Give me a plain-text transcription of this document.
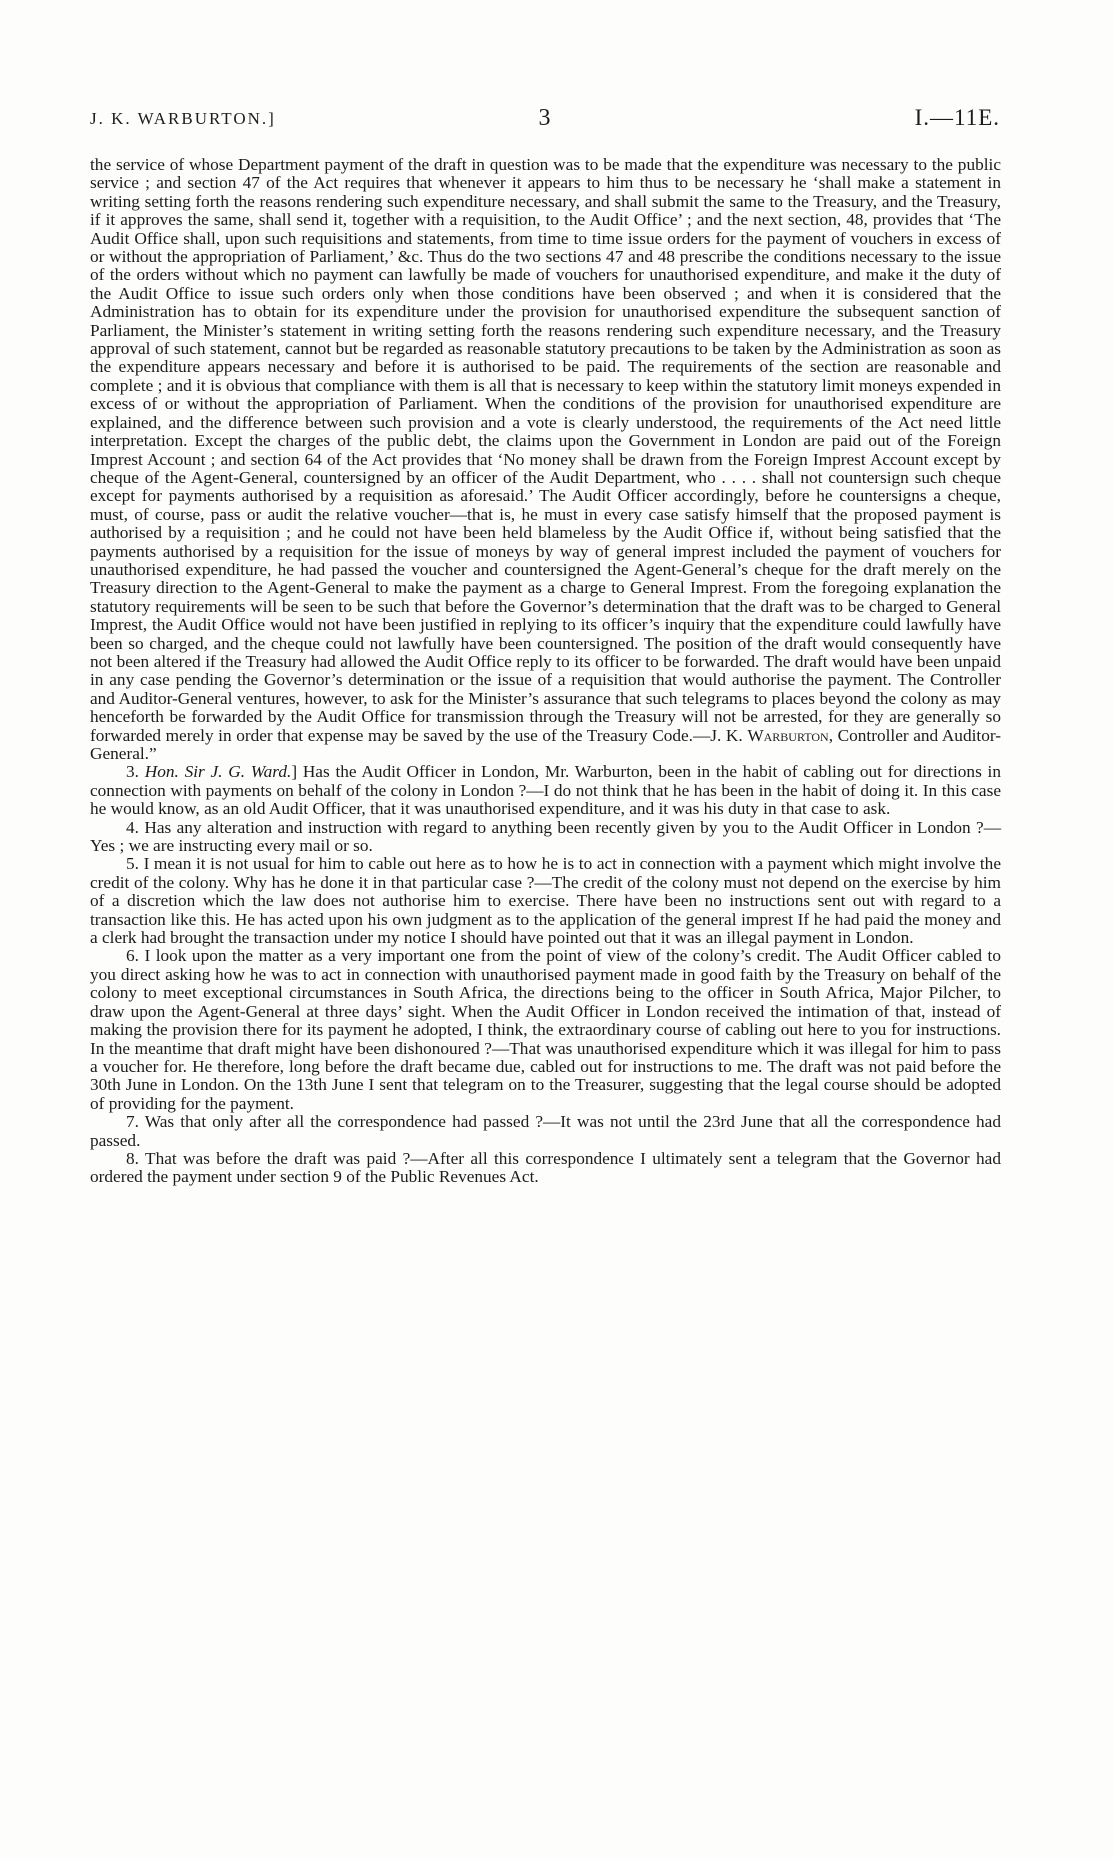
J. K. WARBURTON.]	3	I.—11E.

the service of whose Department payment of the draft in question was to be made that the expenditure was necessary to the public service ; and section 47 of the Act requires that whenever it appears to him thus to be necessary he ‘shall make a statement in writing setting forth the reasons rendering such expenditure necessary, and shall submit the same to the Treasury, and the Treasury, if it approves the same, shall send it, together with a requisition, to the Audit Office’ ; and the next section, 48, provides that ‘The Audit Office shall, upon such requisitions and statements, from time to time issue orders for the payment of vouchers in excess of or without the appropriation of Parliament,’ &c. Thus do the two sections 47 and 48 prescribe the conditions necessary to the issue of the orders without which no payment can lawfully be made of vouchers for unauthorised expenditure, and make it the duty of the Audit Office to issue such orders only when those conditions have been observed ; and when it is considered that the Administration has to obtain for its expenditure under the provision for unauthorised expenditure the subsequent sanction of Parliament, the Minister’s statement in writing setting forth the reasons rendering such expenditure necessary, and the Treasury approval of such statement, cannot but be regarded as reasonable statutory precautions to be taken by the Administration as soon as the expenditure appears necessary and before it is authorised to be paid. The requirements of the section are reasonable and complete ; and it is obvious that compliance with them is all that is necessary to keep within the statutory limit moneys expended in excess of or without the appropriation of Parliament. When the conditions of the provision for unauthorised expenditure are explained, and the difference between such provision and a vote is clearly understood, the requirements of the Act need little interpretation. Except the charges of the public debt, the claims upon the Government in London are paid out of the Foreign Imprest Account ; and section 64 of the Act provides that ‘No money shall be drawn from the Foreign Imprest Account except by cheque of the Agent-General, countersigned by an officer of the Audit Department, who . . . . shall not countersign such cheque except for payments authorised by a requisition as aforesaid.’ The Audit Officer accordingly, before he countersigns a cheque, must, of course, pass or audit the relative voucher—that is, he must in every case satisfy himself that the proposed payment is authorised by a requisition ; and he could not have been held blameless by the Audit Office if, without being satisfied that the payments authorised by a requisition for the issue of moneys by way of general imprest included the payment of vouchers for unauthorised expenditure, he had passed the voucher and countersigned the Agent-General’s cheque for the draft merely on the Treasury direction to the Agent-General to make the payment as a charge to General Imprest. From the foregoing explanation the statutory requirements will be seen to be such that before the Governor’s determination that the draft was to be charged to General Imprest, the Audit Office would not have been justified in replying to its officer’s inquiry that the expenditure could lawfully have been so charged, and the cheque could not lawfully have been countersigned. The position of the draft would consequently have not been altered if the Treasury had allowed the Audit Office reply to its officer to be forwarded. The draft would have been unpaid in any case pending the Governor’s determination or the issue of a requisition that would authorise the payment. The Controller and Auditor-General ventures, however, to ask for the Minister’s assurance that such telegrams to places beyond the colony as may henceforth be forwarded by the Audit Office for transmission through the Treasury will not be arrested, for they are generally so forwarded merely in order that expense may be saved by the use of the Treasury Code.—J. K. Warburton, Controller and Auditor-General.”

3. Hon. Sir J. G. Ward.] Has the Audit Officer in London, Mr. Warburton, been in the habit of cabling out for directions in connection with payments on behalf of the colony in London ?—I do not think that he has been in the habit of doing it. In this case he would know, as an old Audit Officer, that it was unauthorised expenditure, and it was his duty in that case to ask.

4. Has any alteration and instruction with regard to anything been recently given by you to the Audit Officer in London ?—Yes ; we are instructing every mail or so.

5. I mean it is not usual for him to cable out here as to how he is to act in connection with a payment which might involve the credit of the colony. Why has he done it in that particular case ?—The credit of the colony must not depend on the exercise by him of a discretion which the law does not authorise him to exercise. There have been no instructions sent out with regard to a transaction like this. He has acted upon his own judgment as to the application of the general imprest If he had paid the money and a clerk had brought the transaction under my notice I should have pointed out that it was an illegal payment in London.

6. I look upon the matter as a very important one from the point of view of the colony’s credit. The Audit Officer cabled to you direct asking how he was to act in connection with unauthorised payment made in good faith by the Treasury on behalf of the colony to meet exceptional circumstances in South Africa, the directions being to the officer in South Africa, Major Pilcher, to draw upon the Agent-General at three days’ sight. When the Audit Officer in London received the intimation of that, instead of making the provision there for its payment he adopted, I think, the extraordinary course of cabling out here to you for instructions. In the meantime that draft might have been dishonoured ?—That was unauthorised expenditure which it was illegal for him to pass a voucher for. He therefore, long before the draft became due, cabled out for instructions to me. The draft was not paid before the 30th June in London. On the 13th June I sent that telegram on to the Treasurer, suggesting that the legal course should be adopted of providing for the payment.

7. Was that only after all the correspondence had passed ?—It was not until the 23rd June that all the correspondence had passed.

8. That was before the draft was paid ?—After all this correspondence I ultimately sent a telegram that the Governor had ordered the payment under section 9 of the Public Revenues Act.
